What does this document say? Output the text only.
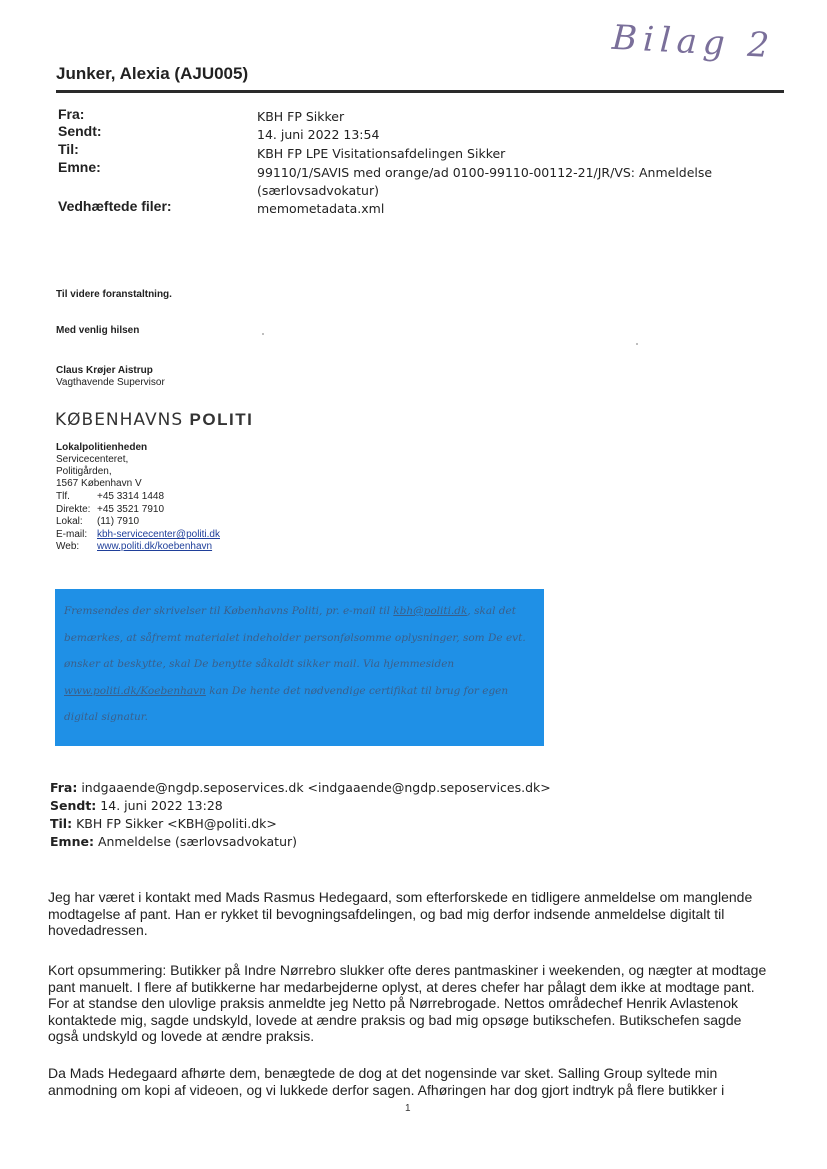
Bilag 2
Junker, Alexia (AJU005)
Fra:	KBH FP Sikker
Sendt:	14. juni 2022 13:54
Til:	KBH FP LPE Visitationsafdelingen Sikker
Emne:	99110/1/SAVIS med orange/ad 0100-99110-00112-21/JR/VS: Anmeldelse (særlovsadvokatur)
Vedhæftede filer:	memometadata.xml
Til videre foranstaltning.
Med venlig hilsen
Claus Krøjer Aistrup
Vagthavende Supervisor
KØBENHAVNS POLITI
Lokalpolitienheden
Servicecenteret,
Politigården,
1567 København V
Tlf.	+45 3314 1448
Direkte: +45 3521 7910
Lokal: (11) 7910
E-mail: kbh-servicecenter@politi.dk
Web: www.politi.dk/koebenhavn
Fremsendes der skrivelser til Københavns Politi, pr. e-mail til kbh@politi.dk, skal det bemærkes, at såfremt materialet indeholder personfølsomme oplysninger, som De evt. ønsker at beskytte, skal De benytte såkaldt sikker mail. Via hjemmesiden www.politi.dk/Koebenhavn kan De hente det nødvendige certifikat til brug for egen digital signatur.
Fra: indgaaende@ngdp.seposervices.dk <indgaaende@ngdp.seposervices.dk>
Sendt: 14. juni 2022 13:28
Til: KBH FP Sikker <KBH@politi.dk>
Emne: Anmeldelse (særlovsadvokatur)
Jeg har været i kontakt med Mads Rasmus Hedegaard, som efterforskede en tidligere anmeldelse om manglende modtagelse af pant. Han er rykket til bevogningsafdelingen, og bad mig derfor indsende anmeldelse digitalt til hovedadressen.
Kort opsummering: Butikker på Indre Nørrebro slukker ofte deres pantmaskiner i weekenden, og nægter at modtage pant manuelt. I flere af butikkerne har medarbejderne oplyst, at deres chefer har pålagt dem ikke at modtage pant. For at standse den ulovlige praksis anmeldte jeg Netto på Nørrebrogade. Nettos områdechef Henrik Avlastenok kontaktede mig, sagde undskyld, lovede at ændre praksis og bad mig opsøge butikschefen. Butikschefen sagde også undskyld og lovede at ændre praksis.
Da Mads Hedegaard afhørte dem, benægtede de dog at det nogensinde var sket. Salling Group syltede min anmodning om kopi af videoen, og vi lukkede derfor sagen. Afhøringen har dog gjort indtryk på flere butikker i
1
